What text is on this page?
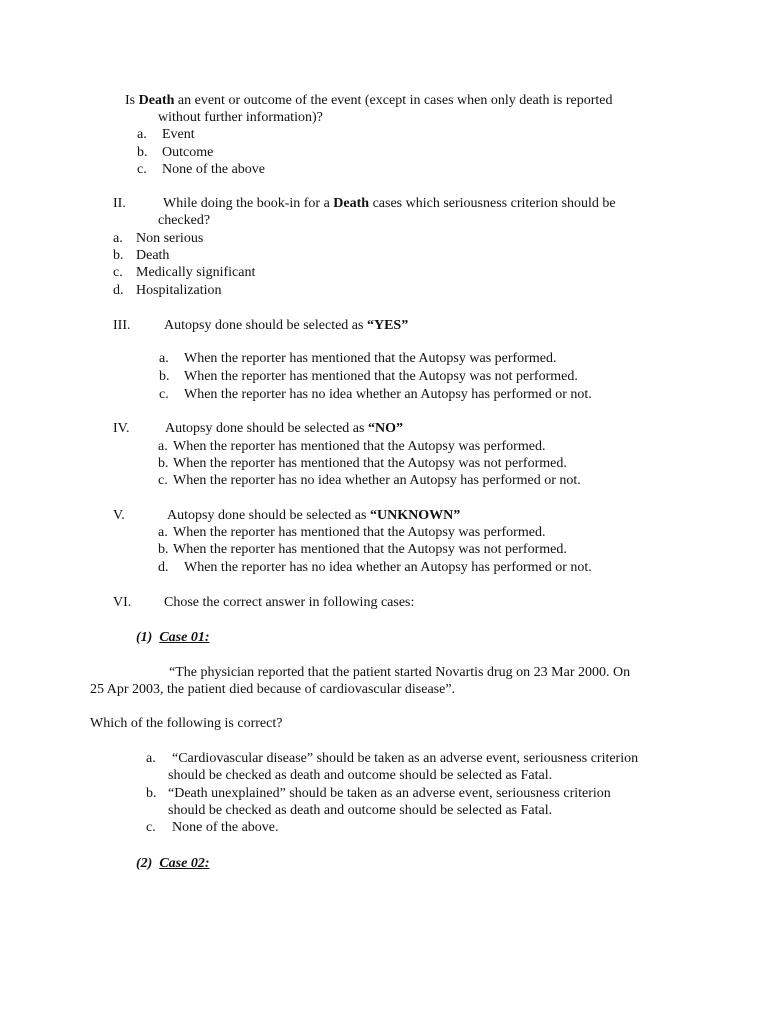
Is Death an event or outcome of the event (except in cases when only death is reported
without further information)?
a. Event
b. Outcome
c. None of the above
II.	While doing the book-in for a Death cases which seriousness criterion should be
checked?
a. Non serious
b. Death
c. Medically significant
d. Hospitalization
III. Autopsy done should be selected as “YES”
a. When the reporter has mentioned that the Autopsy was performed.
b. When the reporter has mentioned that the Autopsy was not performed.
c. When the reporter has no idea whether an Autopsy has performed or not.
IV.	Autopsy done should be selected as “NO”
a. When the reporter has mentioned that the Autopsy was performed.
b. When the reporter has mentioned that the Autopsy was not performed.
c. When the reporter has no idea whether an Autopsy has performed or not.
V.	Autopsy done should be selected as “UNKNOWN”
a. When the reporter has mentioned that the Autopsy was performed.
b. When the reporter has mentioned that the Autopsy was not performed.
d. When the reporter has no idea whether an Autopsy has performed or not.
VI. Chose the correct answer in following cases:
(1) Case 01:
“The physician reported that the patient started Novartis drug on 23 Mar 2000. On
25 Apr 2003, the patient died because of cardiovascular disease”.
Which of the following is correct?
a. “Cardiovascular disease” should be taken as an adverse event, seriousness criterion
should be checked as death and outcome should be selected as Fatal.
b. “Death unexplained” should be taken as an adverse event, seriousness criterion
should be checked as death and outcome should be selected as Fatal.
c. None of the above.
(2) Case 02:
